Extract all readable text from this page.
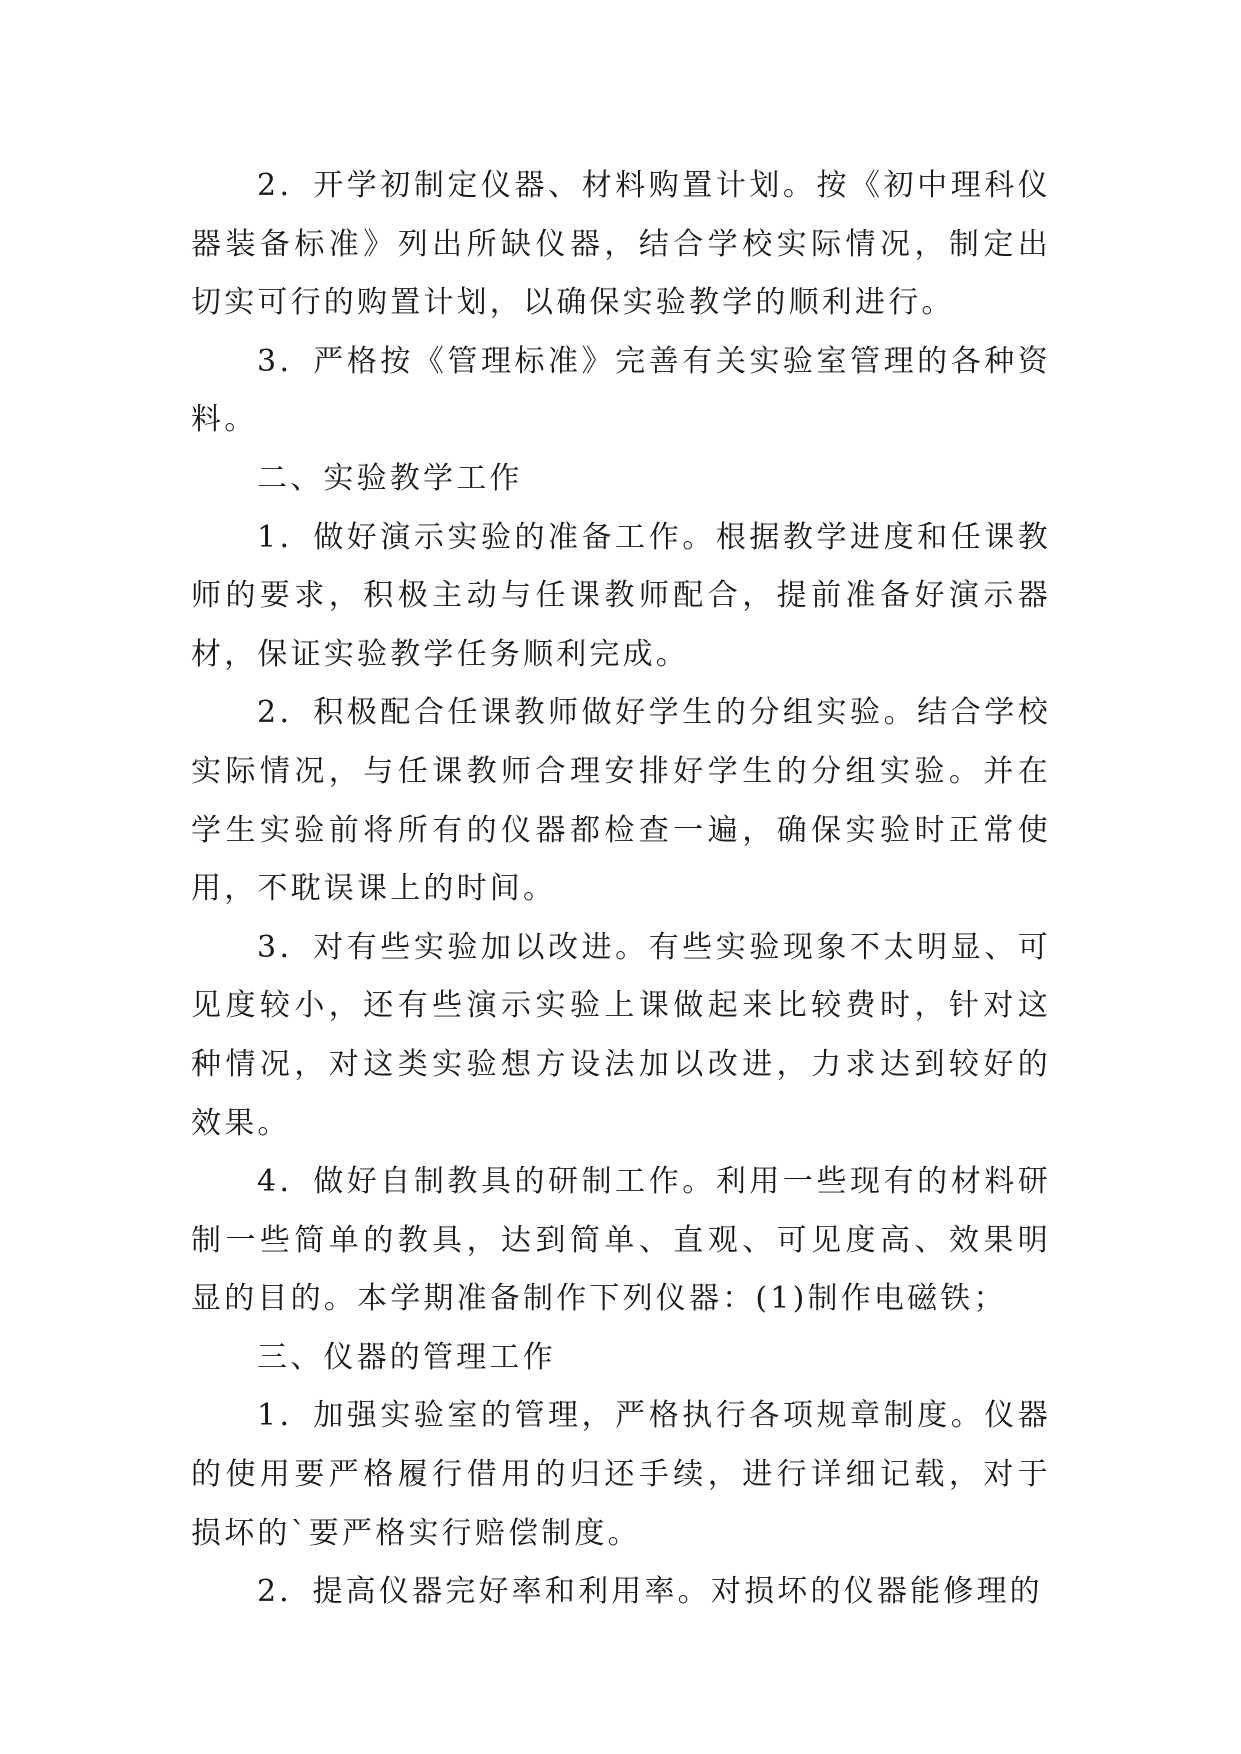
2．开学初制定仪器、材料购置计划。按《初中理科仪器装备标准》列出所缺仪器，结合学校实际情况，制定出切实可行的购置计划，以确保实验教学的顺利进行。

3．严格按《管理标准》完善有关实验室管理的各种资料。

二、实验教学工作

1．做好演示实验的准备工作。根据教学进度和任课教师的要求，积极主动与任课教师配合，提前准备好演示器材，保证实验教学任务顺利完成。

2．积极配合任课教师做好学生的分组实验。结合学校实际情况，与任课教师合理安排好学生的分组实验。并在学生实验前将所有的仪器都检查一遍，确保实验时正常使用，不耽误课上的时间。

3．对有些实验加以改进。有些实验现象不太明显、可见度较小，还有些演示实验上课做起来比较费时，针对这种情况，对这类实验想方设法加以改进，力求达到较好的效果。

4．做好自制教具的研制工作。利用一些现有的材料研制一些简单的教具，达到简单、直观、可见度高、效果明显的目的。本学期准备制作下列仪器：(1)制作电磁铁；

三、仪器的管理工作

1．加强实验室的管理，严格执行各项规章制度。仪器的使用要严格履行借用的归还手续，进行详细记载，对于损坏的`要严格实行赔偿制度。

2．提高仪器完好率和利用率。对损坏的仪器能修理的
